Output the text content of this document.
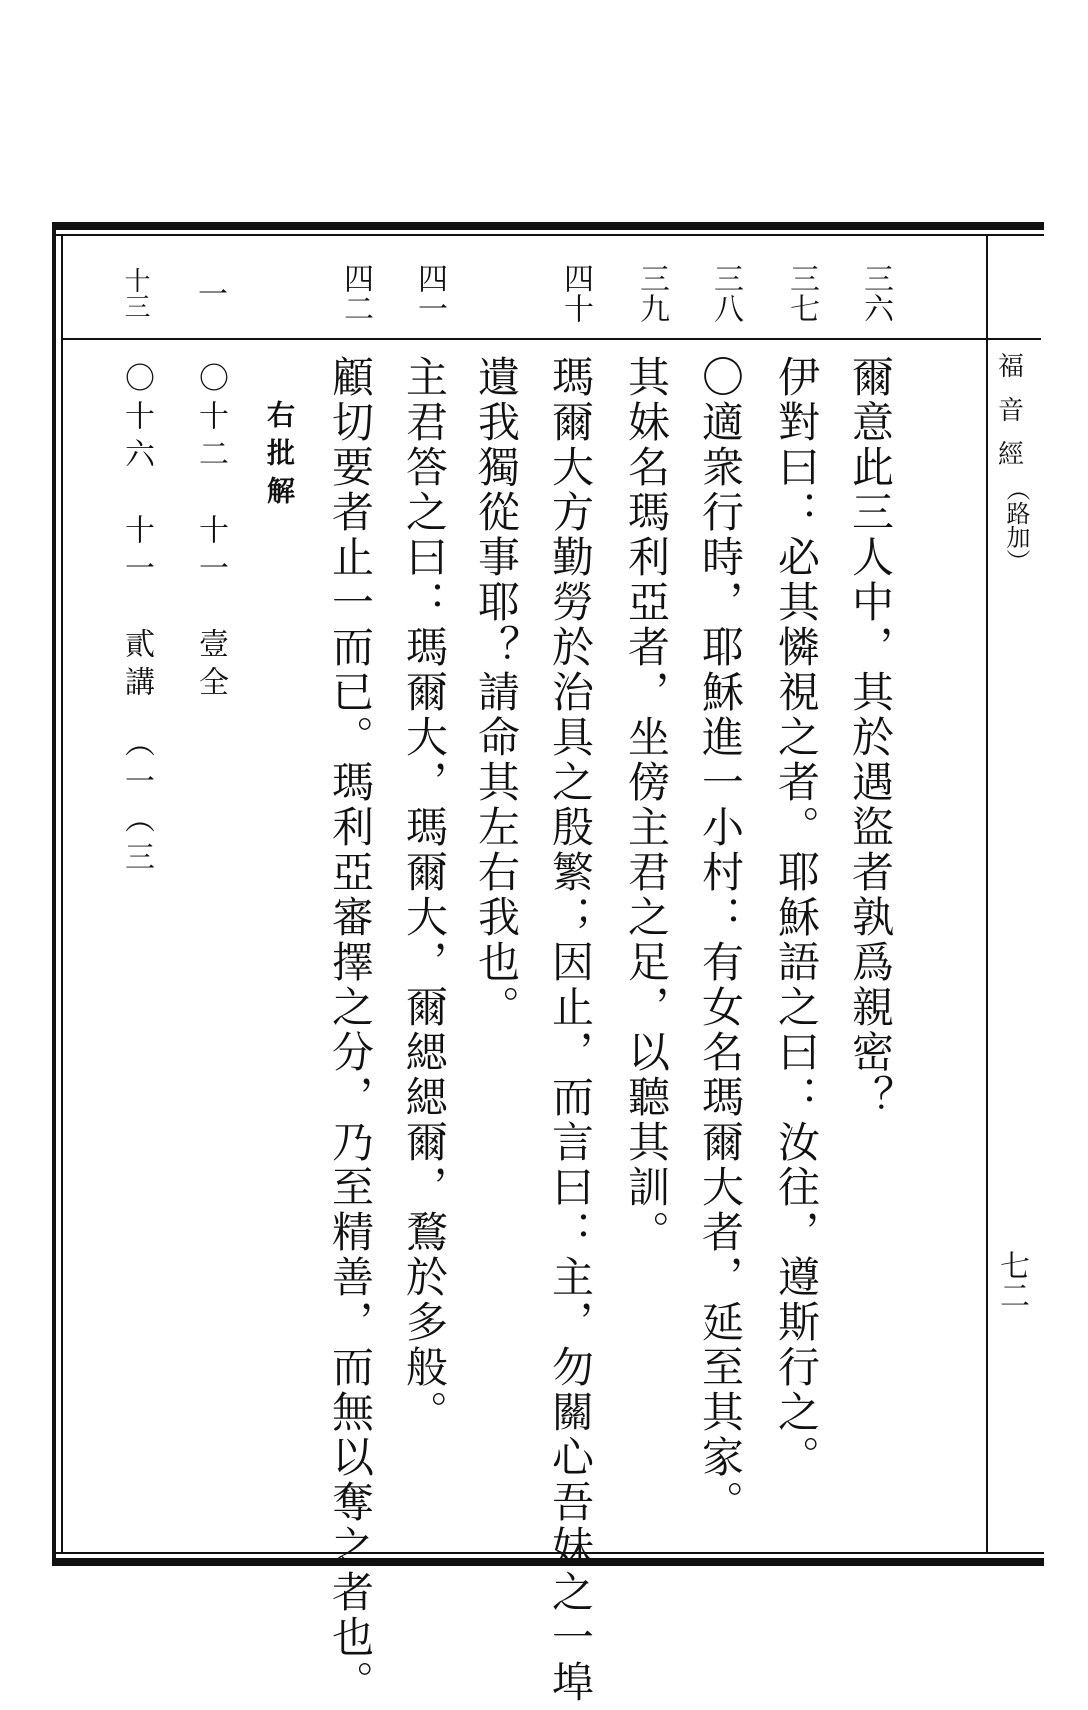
福
音
經
（路加）
七二
三六
三七
三八
三九
四十
四一
四二
一
十三
爾意此三人中，其於遇盜者孰爲親密？
伊對曰：必其憐視之者。耶穌語之曰：汝往，遵斯行之。
〇適衆行時，耶穌進一小村：有女名瑪爾大者，延至其家。
其妹名瑪利亞者，坐傍主君之足，以聽其訓。
瑪爾大方勤勞於治具之殷繁；因止，而言曰：主，勿關心吾妹之一埠
遺我獨從事耶？請命其左右我也。
主君答之曰：瑪爾大，瑪爾大，爾緦緦爾，鶩於多般。
顧切要者止一而已。瑪利亞審擇之分，乃至精善，而無以奪之者也。
右批解
〇十二　十一　壹全
〇十六　十一　貳講　（一（三
